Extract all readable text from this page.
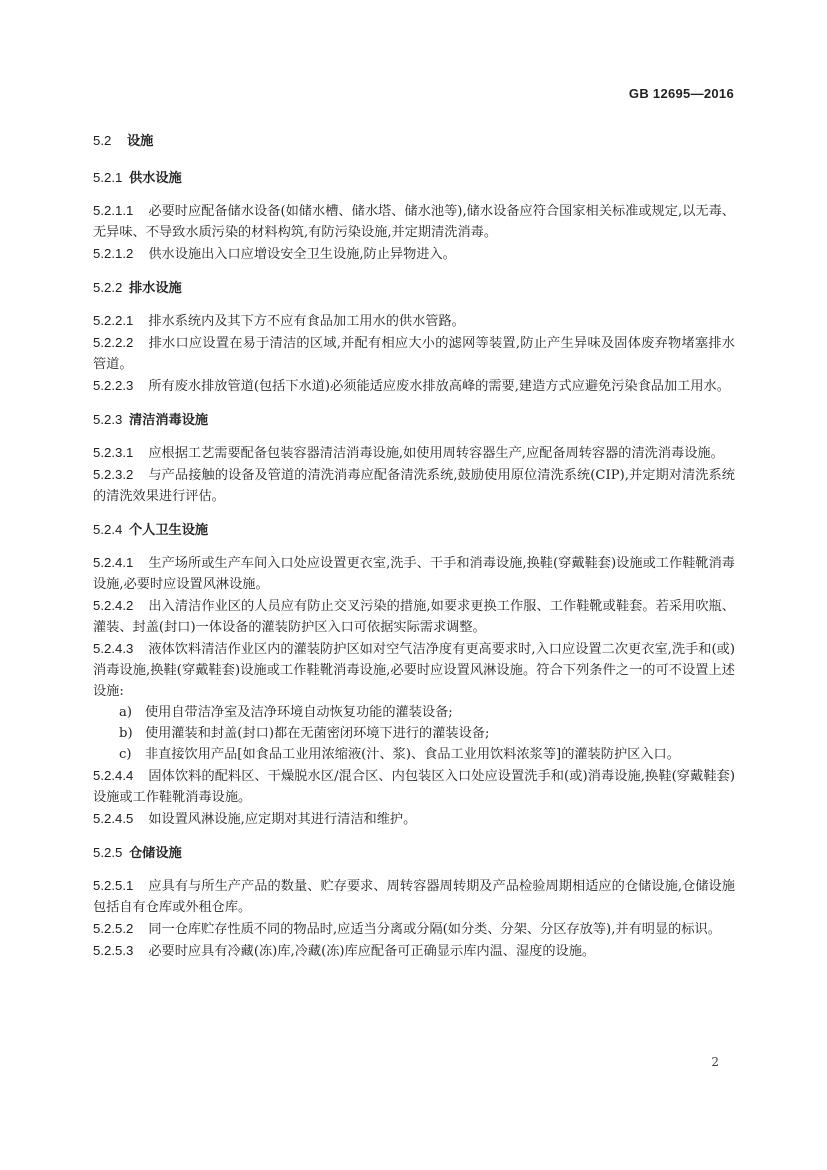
GB 12695—2016

5.2 设施

5.2.1 供水设施

5.2.1.1 必要时应配备储水设备(如储水槽、储水塔、储水池等),储水设备应符合国家相关标准或规定,以无毒、无异味、不导致水质污染的材料构筑,有防污染设施,并定期清洗消毒。

5.2.1.2 供水设施出入口应增设安全卫生设施,防止异物进入。

5.2.2 排水设施

5.2.2.1 排水系统内及其下方不应有食品加工用水的供水管路。

5.2.2.2 排水口应设置在易于清洁的区域,并配有相应大小的滤网等装置,防止产生异味及固体废弃物堵塞排水管道。

5.2.2.3 所有废水排放管道(包括下水道)必须能适应废水排放高峰的需要,建造方式应避免污染食品加工用水。

5.2.3 清洁消毒设施

5.2.3.1 应根据工艺需要配备包装容器清洁消毒设施,如使用周转容器生产,应配备周转容器的清洗消毒设施。

5.2.3.2 与产品接触的设备及管道的清洗消毒应配备清洗系统,鼓励使用原位清洗系统(CIP),并定期对清洗系统的清洗效果进行评估。

5.2.4 个人卫生设施

5.2.4.1 生产场所或生产车间入口处应设置更衣室,洗手、干手和消毒设施,换鞋(穿戴鞋套)设施或工作鞋靴消毒设施,必要时应设置风淋设施。

5.2.4.2 出入清洁作业区的人员应有防止交叉污染的措施,如要求更换工作服、工作鞋靴或鞋套。若采用吹瓶、灌装、封盖(封口)一体设备的灌装防护区入口可依据实际需求调整。

5.2.4.3 液体饮料清洁作业区内的灌装防护区如对空气洁净度有更高要求时,入口应设置二次更衣室,洗手和(或)消毒设施,换鞋(穿戴鞋套)设施或工作鞋靴消毒设施,必要时应设置风淋设施。符合下列条件之一的可不设置上述设施:

a) 使用自带洁净室及洁净环境自动恢复功能的灌装设备;

b) 使用灌装和封盖(封口)都在无菌密闭环境下进行的灌装设备;

c) 非直接饮用产品[如食品工业用浓缩液(汁、浆)、食品工业用饮料浓浆等]的灌装防护区入口。

5.2.4.4 固体饮料的配料区、干燥脱水区/混合区、内包装区入口处应设置洗手和(或)消毒设施,换鞋(穿戴鞋套)设施或工作鞋靴消毒设施。

5.2.4.5 如设置风淋设施,应定期对其进行清洁和维护。

5.2.5 仓储设施

5.2.5.1 应具有与所生产产品的数量、贮存要求、周转容器周转期及产品检验周期相适应的仓储设施,仓储设施包括自有仓库或外租仓库。

5.2.5.2 同一仓库贮存性质不同的物品时,应适当分离或分隔(如分类、分架、分区存放等),并有明显的标识。

5.2.5.3 必要时应具有冷藏(冻)库,冷藏(冻)库应配备可正确显示库内温、湿度的设施。

2
